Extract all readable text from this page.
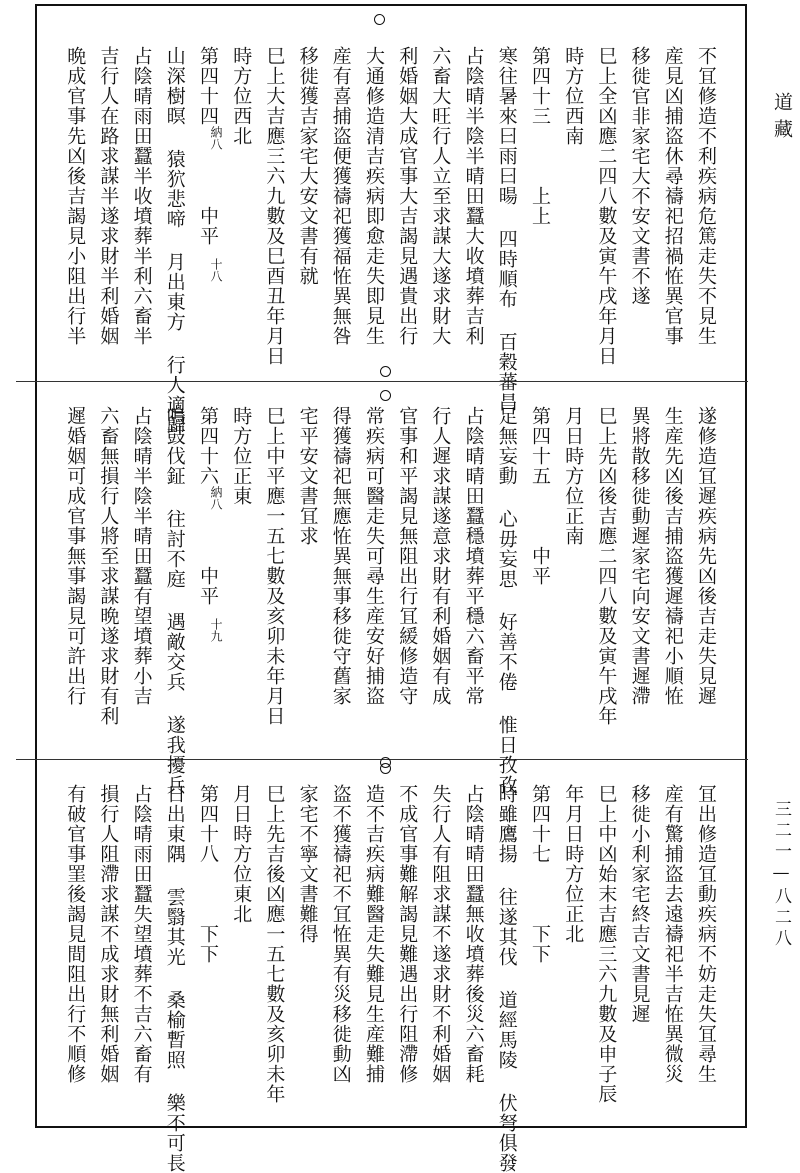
不冝修造不利疾病危篤走失不見生
産見凶捕盗休尋禱祀招禍恠異官事
移徙官非家宅大不安文書不遂
巳上全凶應二四八數及寅午戌年月日
時方位西南
第四十三　　　上上
寒往暑來曰雨曰暘 四時順布 百穀蕃昌
占陰晴半陰半晴田蠶大收墳葬吉利
六畜大旺行人立至求謀大遂求財大
利婚姻大成官事大吉謁見遇貴出行
大通修造清吉疾病即愈走失即見生
産有喜捕盗便獲禱祀獲福恠異無咎
移徙獲吉家宅大安文書有就
巳上大吉應三六九數及巳酉丑年月日
時方位西北
第四十四
納八
中平
十八
山深樹暝 猿狖悲啼 月出東方 行人適歸
占陰晴雨田蠶半收墳葬半利六畜半
吉行人在路求謀半遂求財半利婚姻
晩成官事先凶後吉謁見小阻出行半
遂修造冝遲疾病先凶後吉走失見遲
生産先凶後吉捕盗獲遲禱祀小順恠
異將散移徙動遲家宅向安文書遲滯
巳上先凶後吉應二四八數及寅午戌年
月日時方位正南
第四十五　　　中平
足無妄動 心毋妄思 好善不倦 惟日孜孜
占陰晴晴田蠶穩墳葬平穩六畜平常
行人遲求謀遂意求財有利婚姻有成
官事和平謁見無阻出行冝緩修造守
常疾病可醫走失可尋生産安好捕盗
得獲禱祀無應恠異無事移徙守舊家
宅平安文書冝求
巳上中平應一五七數及亥卯未年月日
時方位正東
第四十六
納八
中平
十九
鳴鼓伐鉦 往討不庭 遇敵交兵 遂我擾兵
占陰晴半陰半晴田蠶有望墳葬小吉
六畜無損行人將至求謀晩遂求財有利
遲婚姻可成官事無事謁見可許出行
冝出修造冝動疾病不妨走失冝尋生
産有驚捕盗去遠禱祀半吉恠異微災
移徙小利家宅終吉文書見遲
巳上中凶始末吉應三六九數及申子辰
年月日時方位正北
第四十七　　　下下
時雖鷹揚 往遂其伐 道經馬陵 伏弩俱發
占陰晴晴田蠶無收墳葬後災六畜耗
失行人有阻求謀不遂求財不利婚姻
不成官事難解謁見難遇出行阻滯修
造不吉疾病難醫走失難見生産難捕
盗不獲禱祀不冝恠異有災移徙動凶
家宅不寧文書難得
巳上先吉後凶應一五七數及亥卯未年
月日時方位東北
第四十八　　　下下
日出東隅 雲翳其光 桑榆暫照 樂不可長
占陰晴雨田蠶失望墳葬不吉六畜有
損行人阻滯求謀不成求財無利婚姻
有破官事罣後謁見間阻出行不順修
道藏
三二一—八二八
